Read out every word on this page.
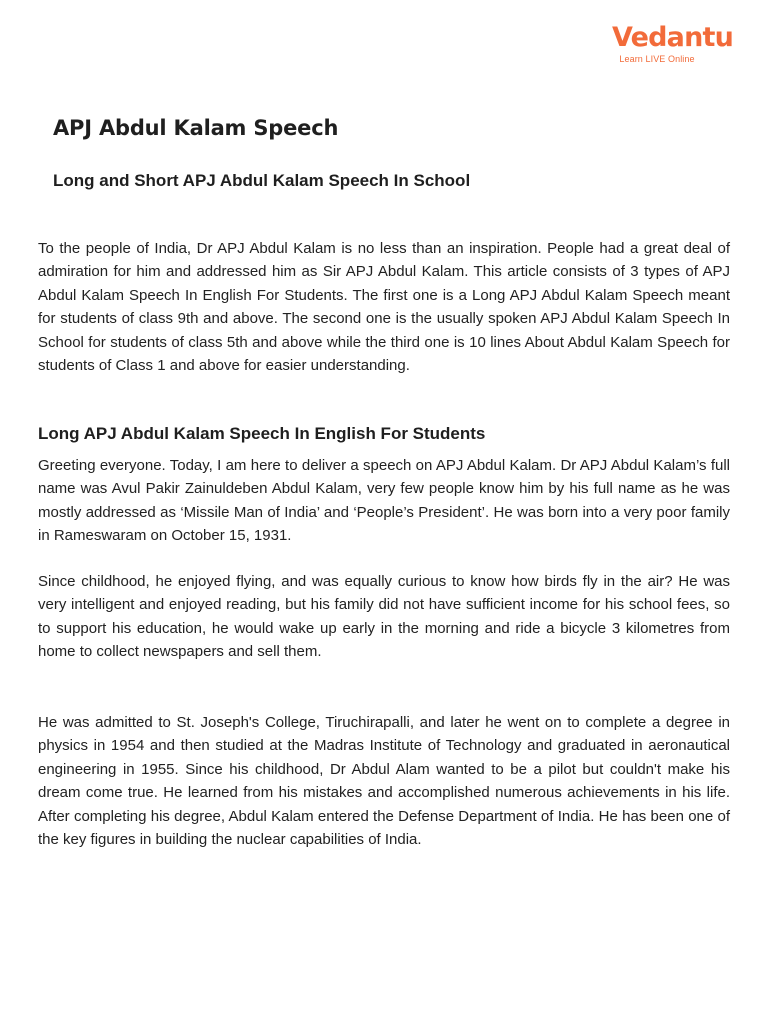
Vedantu
Learn LIVE Online
APJ Abdul Kalam Speech
Long and Short APJ Abdul Kalam Speech In School

To the people of India, Dr APJ Abdul Kalam is no less than an inspiration. People had a great deal of admiration for him and addressed him as Sir APJ Abdul Kalam. This article consists of 3 types of APJ Abdul Kalam Speech In English For Students. The first one is a Long APJ Abdul Kalam Speech meant for students of class 9th and above. The second one is the usually spoken APJ Abdul Kalam Speech In School for students of class 5th and above while the third one is 10 lines About Abdul Kalam Speech for students of Class 1 and above for easier understanding.

Long APJ Abdul Kalam Speech In English For Students

Greeting everyone. Today, I am here to deliver a speech on APJ Abdul Kalam. Dr APJ Abdul Kalam’s full name was Avul Pakir Zainuldeben Abdul Kalam, very few people know him by his full name as he was mostly addressed as ‘Missile Man of India’ and ‘People’s President’. He was born into a very poor family in Rameswaram on October 15, 1931.

Since childhood, he enjoyed flying, and was equally curious to know how birds fly in the air? He was very intelligent and enjoyed reading, but his family did not have sufficient income for his school fees, so to support his education, he would wake up early in the morning and ride a bicycle 3 kilometres from home to collect newspapers and sell them.

He was admitted to St. Joseph's College, Tiruchirapalli, and later he went on to complete a degree in physics in 1954 and then studied at the Madras Institute of Technology and graduated in aeronautical engineering in 1955. Since his childhood, Dr Abdul Alam wanted to be a pilot but couldn't make his dream come true. He learned from his mistakes and accomplished numerous achievements in his life. After completing his degree, Abdul Kalam entered the Defense Department of India. He has been one of the key figures in building the nuclear capabilities of India.
